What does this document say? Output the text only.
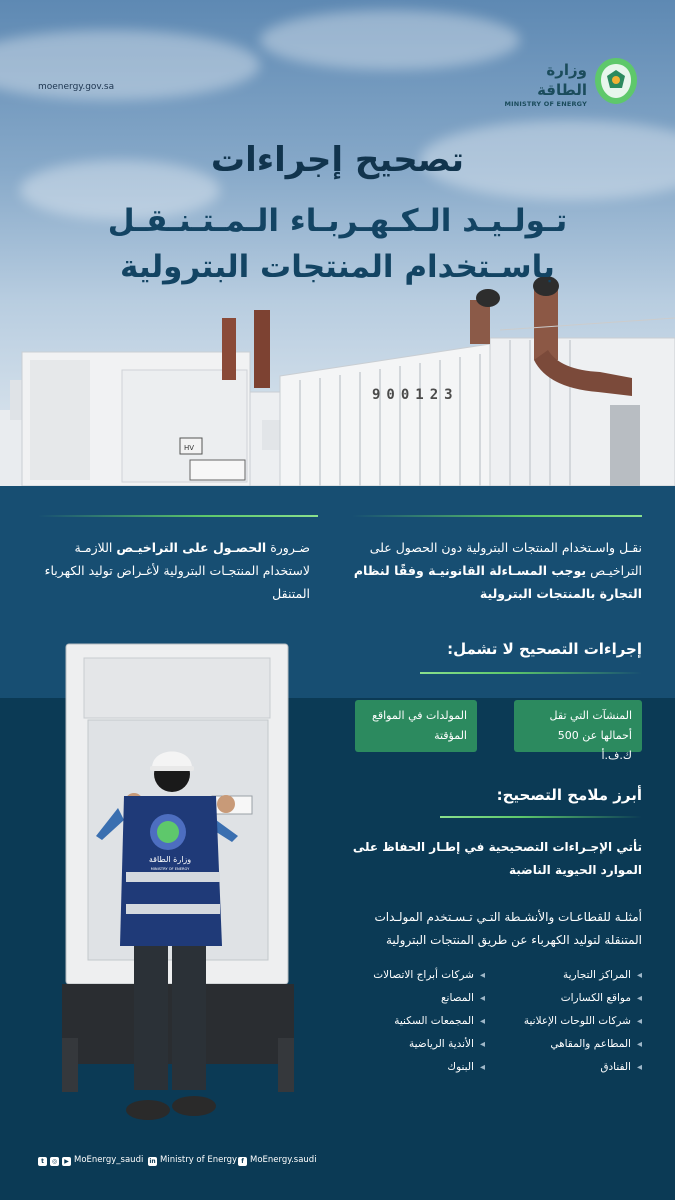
HV
900123
moenergy.gov.sa
وزارة الطاقة
MINISTRY OF ENERGY
تصحيح إجراءات
تـولـيـد الـكـهـربـاء الـمـتـنـقـل
باسـتخدام المنتجات البترولية
نقـل واسـتخدام المنتجات البترولية دون الحصول على التراخيـص يوجب المسـاءلة القانونيـة وفقًا لنظام التجارة بالمنتجات البترولية
ضـرورة الحصـول على التراخيـص اللازمـة لاستخدام المنتجـات البترولية لأغـراض توليد الكهرباء المتنقل
إجراءات التصحيح لا تشمل:
المنشآت التي تقل أحمالها عن 500 ك.ف.أ
المولدات في المواقع المؤقتة
أبرز ملامح التصحيح:
تأتي الإجـراءات التصحيحية في إطـار الحفاظ على الموارد الحيوية الناضبة
أمثلـة للقطاعـات والأنشـطة التـي تـسـتخدم المولـدات المتنقلة لتوليد الكهرباء عن طريق المنتجات البترولية
◂ المراكز التجارية
◂ مواقع الكسارات
◂ شركات اللوحات الإعلانية
◂ المطاعم والمقاهي
◂ الفنادق
◂ شركات أبراج الاتصالات
◂ المصانع
◂ المجمعات السكنية
◂ الأندية الرياضية
◂ البنوك
وزارة الطاقة
MINISTRY OF ENERGY
t ◎ ▶ MoEnergy_saudi in Ministry of Energy f MoEnergy.saudi
